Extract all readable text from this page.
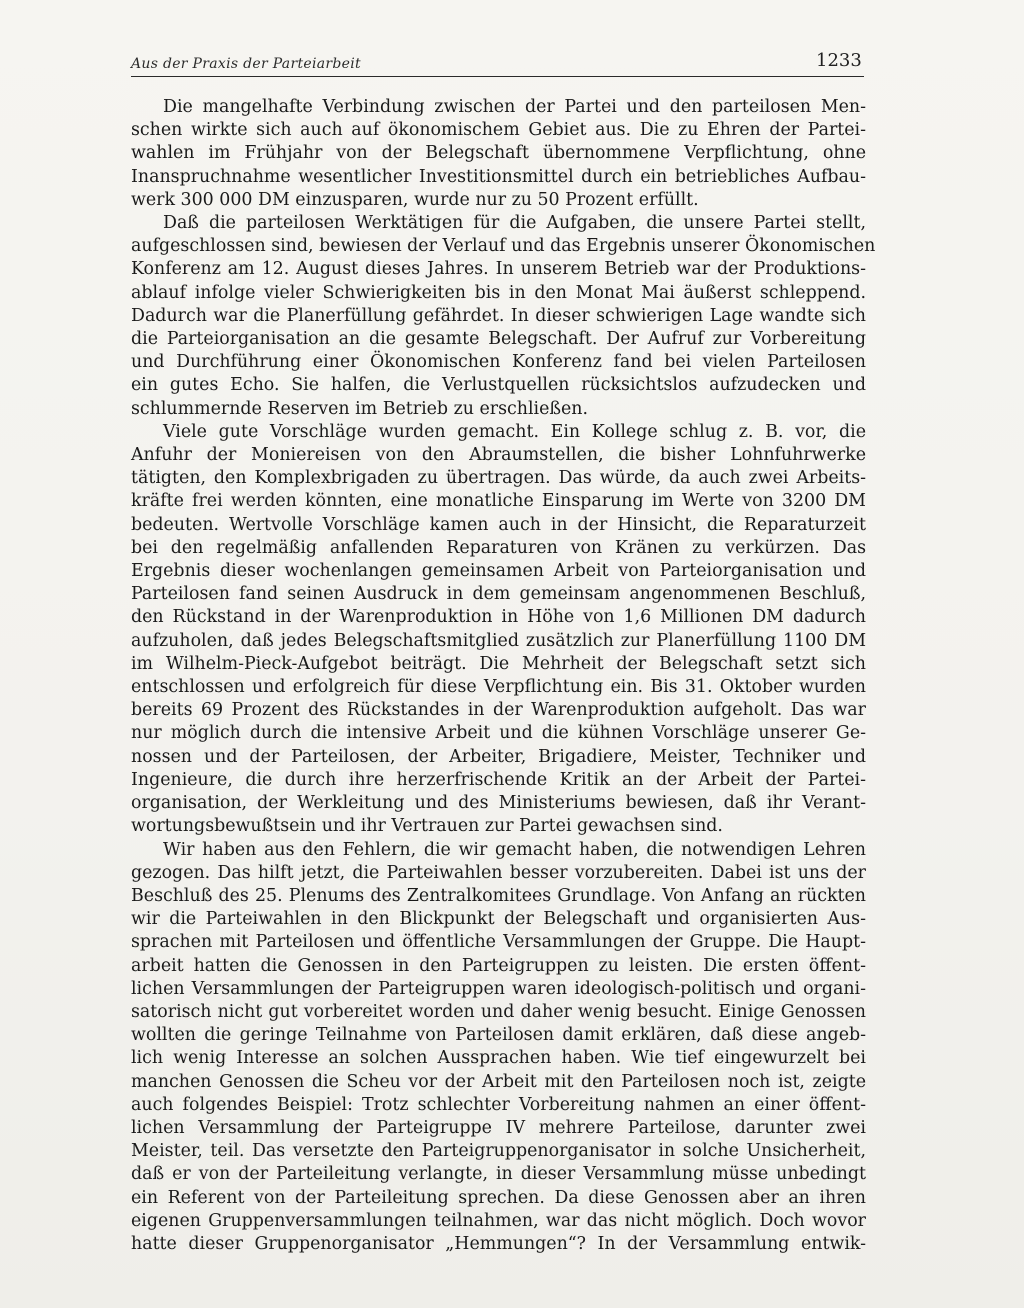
Aus der Praxis der Parteiarbeit	1233
Die mangelhafte Verbindung zwischen der Partei und den parteilosen Men-
schen wirkte sich auch auf ökonomischem Gebiet aus. Die zu Ehren der Partei-
wahlen im Frühjahr von der Belegschaft übernommene Verpflichtung, ohne
Inanspruchnahme wesentlicher Investitionsmittel durch ein betriebliches Aufbau-
werk 300 000 DM einzusparen, wurde nur zu 50 Prozent erfüllt.
Daß die parteilosen Werktätigen für die Aufgaben, die unsere Partei stellt,
aufgeschlossen sind, bewiesen der Verlauf und das Ergebnis unserer Ökonomischen
Konferenz am 12. August dieses Jahres. In unserem Betrieb war der Produktions-
ablauf infolge vieler Schwierigkeiten bis in den Monat Mai äußerst schleppend.
Dadurch war die Planerfüllung gefährdet. In dieser schwierigen Lage wandte sich
die Parteiorganisation an die gesamte Belegschaft. Der Aufruf zur Vorbereitung
und Durchführung einer Ökonomischen Konferenz fand bei vielen Parteilosen
ein gutes Echo. Sie halfen, die Verlustquellen rücksichtslos aufzudecken und
schlummernde Reserven im Betrieb zu erschließen.
Viele gute Vorschläge wurden gemacht. Ein Kollege schlug z. B. vor, die
Anfuhr der Moniereisen von den Abraumstellen, die bisher Lohnfuhrwerke
tätigten, den Komplexbrigaden zu übertragen. Das würde, da auch zwei Arbeits-
kräfte frei werden könnten, eine monatliche Einsparung im Werte von 3200 DM
bedeuten. Wertvolle Vorschläge kamen auch in der Hinsicht, die Reparaturzeit
bei den regelmäßig anfallenden Reparaturen von Kränen zu verkürzen. Das
Ergebnis dieser wochenlangen gemeinsamen Arbeit von Parteiorganisation und
Parteilosen fand seinen Ausdruck in dem gemeinsam angenommenen Beschluß,
den Rückstand in der Warenproduktion in Höhe von 1,6 Millionen DM dadurch
aufzuholen, daß jedes Belegschaftsmitglied zusätzlich zur Planerfüllung 1100 DM
im Wilhelm-Pieck-Aufgebot beiträgt. Die Mehrheit der Belegschaft setzt sich
entschlossen und erfolgreich für diese Verpflichtung ein. Bis 31. Oktober wurden
bereits 69 Prozent des Rückstandes in der Warenproduktion aufgeholt. Das war
nur möglich durch die intensive Arbeit und die kühnen Vorschläge unserer Ge-
nossen und der Parteilosen, der Arbeiter, Brigadiere, Meister, Techniker und
Ingenieure, die durch ihre herzerfrischende Kritik an der Arbeit der Partei-
organisation, der Werkleitung und des Ministeriums bewiesen, daß ihr Verant-
wortungsbewußtsein und ihr Vertrauen zur Partei gewachsen sind.
Wir haben aus den Fehlern, die wir gemacht haben, die notwendigen Lehren
gezogen. Das hilft jetzt, die Parteiwahlen besser vorzubereiten. Dabei ist uns der
Beschluß des 25. Plenums des Zentralkomitees Grundlage. Von Anfang an rückten
wir die Parteiwahlen in den Blickpunkt der Belegschaft und organisierten Aus-
sprachen mit Parteilosen und öffentliche Versammlungen der Gruppe. Die Haupt-
arbeit hatten die Genossen in den Parteigruppen zu leisten. Die ersten öffent-
lichen Versammlungen der Parteigruppen waren ideologisch-politisch und organi-
satorisch nicht gut vorbereitet worden und daher wenig besucht. Einige Genossen
wollten die geringe Teilnahme von Parteilosen damit erklären, daß diese angeb-
lich wenig Interesse an solchen Aussprachen haben. Wie tief eingewurzelt bei
manchen Genossen die Scheu vor der Arbeit mit den Parteilosen noch ist, zeigte
auch folgendes Beispiel: Trotz schlechter Vorbereitung nahmen an einer öffent-
lichen Versammlung der Parteigruppe IV mehrere Parteilose, darunter zwei
Meister, teil. Das versetzte den Parteigruppenorganisator in solche Unsicherheit,
daß er von der Parteileitung verlangte, in dieser Versammlung müsse unbedingt
ein Referent von der Parteileitung sprechen. Da diese Genossen aber an ihren
eigenen Gruppenversammlungen teilnahmen, war das nicht möglich. Doch wovor
hatte dieser Gruppenorganisator „Hemmungen“? In der Versammlung entwik-
